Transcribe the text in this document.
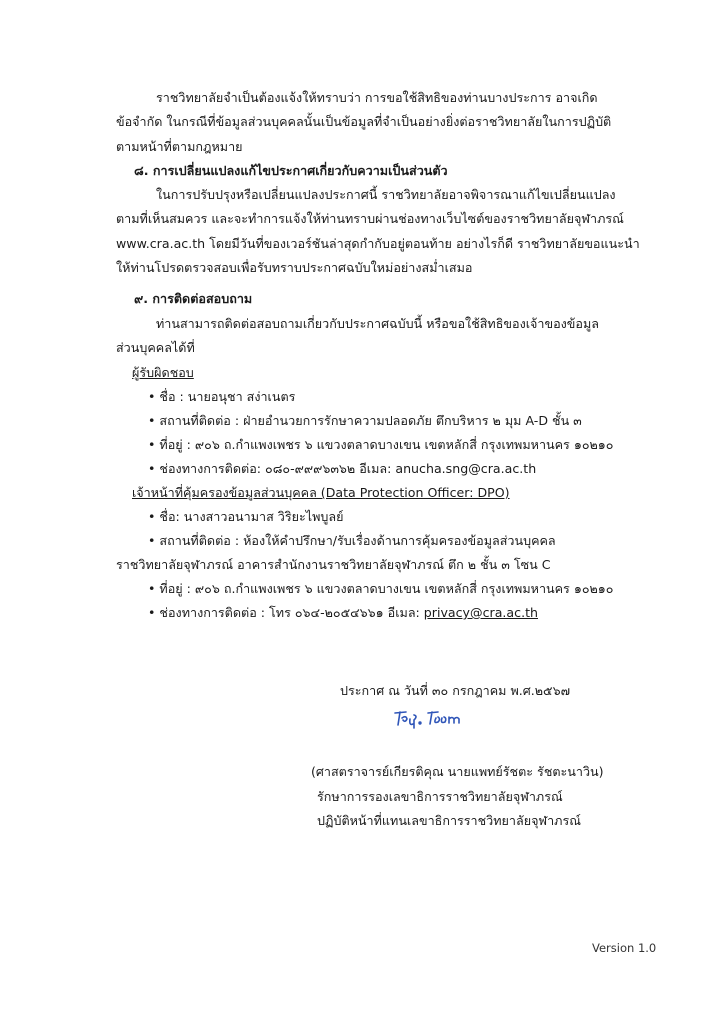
ราชวิทยาลัยจำเป็นต้องแจ้งให้ทราบว่า การขอใช้สิทธิของท่านบางประการ อาจเกิด
ข้อจำกัด ในกรณีที่ข้อมูลส่วนบุคคลนั้นเป็นข้อมูลที่จำเป็นอย่างยิ่งต่อราชวิทยาลัยในการปฏิบัติ
ตามหน้าที่ตามกฎหมาย
๘. การเปลี่ยนแปลงแก้ไขประกาศเกี่ยวกับความเป็นส่วนตัว
ในการปรับปรุงหรือเปลี่ยนแปลงประกาศนี้ ราชวิทยาลัยอาจพิจารณาแก้ไขเปลี่ยนแปลง
ตามที่เห็นสมควร และจะทำการแจ้งให้ท่านทราบผ่านช่องทางเว็บไซต์ของราชวิทยาลัยจุฬาภรณ์
www.cra.ac.th โดยมีวันที่ของเวอร์ชันล่าสุดกำกับอยู่ตอนท้าย อย่างไรก็ดี ราชวิทยาลัยขอแนะนำ
ให้ท่านโปรดตรวจสอบเพื่อรับทราบประกาศฉบับใหม่อย่างสม่ำเสมอ
๙. การติดต่อสอบถาม
ท่านสามารถติดต่อสอบถามเกี่ยวกับประกาศฉบับนี้ หรือขอใช้สิทธิของเจ้าของข้อมูล
ส่วนบุคคลได้ที่
ผู้รับผิดชอบ
• ชื่อ : นายอนุชา สง่าเนตร
• สถานที่ติดต่อ : ฝ่ายอำนวยการรักษาความปลอดภัย ตึกบริหาร ๒ มุม A-D ชั้น ๓
• ที่อยู่ : ๙๐๖ ถ.กำแพงเพชร ๖ แขวงตลาดบางเขน เขตหลักสี่ กรุงเทพมหานคร ๑๐๒๑๐
• ช่องทางการติดต่อ: ๐๘๐-๙๙๙๖๓๖๒ อีเมล: anucha.sng@cra.ac.th
เจ้าหน้าที่คุ้มครองข้อมูลส่วนบุคคล (Data Protection Officer: DPO)
• ชื่อ: นางสาวอนามาส วิริยะไพบูลย์
• สถานที่ติดต่อ : ห้องให้คำปรึกษา/รับเรื่องด้านการคุ้มครองข้อมูลส่วนบุคคล
ราชวิทยาลัยจุฬาภรณ์ อาคารสำนักงานราชวิทยาลัยจุฬาภรณ์ ตึก ๒ ชั้น ๓ โซน C
• ที่อยู่ : ๙๐๖ ถ.กำแพงเพชร ๖ แขวงตลาดบางเขน เขตหลักสี่ กรุงเทพมหานคร ๑๐๒๑๐
• ช่องทางการติดต่อ : โทร ๐๖๔-๒๐๕๔๖๖๑ อีเมล: privacy@cra.ac.th
ประกาศ ณ วันที่ ๓๐ กรกฎาคม พ.ศ.๒๕๖๗
(ศาสตราจารย์เกียรติคุณ นายแพทย์รัชตะ รัชตะนาวิน)
รักษาการรองเลขาธิการราชวิทยาลัยจุฬาภรณ์
ปฏิบัติหน้าที่แทนเลขาธิการราชวิทยาลัยจุฬาภรณ์
Version 1.0
